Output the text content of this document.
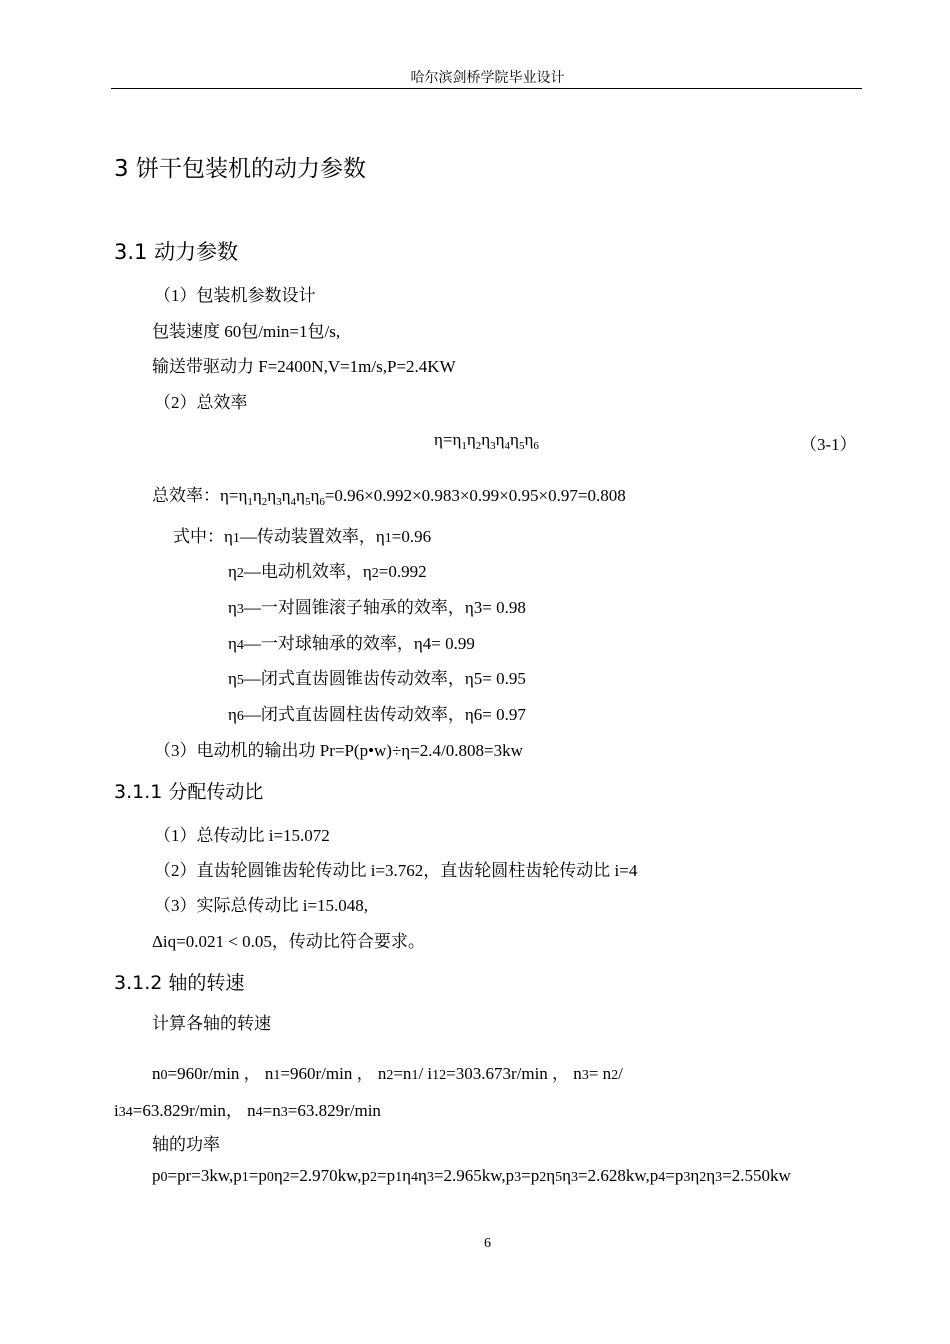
哈尔滨剑桥学院毕业设计
3 饼干包装机的动力参数
3.1 动力参数
（1）包装机参数设计
包装速度 60包/min=1包/s,
输送带驱动力 F=2400N,V=1m/s,P=2.4KW
（2）总效率
$\eta=\eta_1\eta_2\eta_3\eta_4\eta_5\eta_6$	（3-1）
总效率：$\eta=\eta_1\eta_2\eta_3\eta_4\eta_5\eta_6=0.96\times 0.992\times 0.983\times 0.99\times 0.95\times 0.97=0.808$
式中：η1—传动装置效率，η1=0.96
η2—电动机效率，η2=0.992
η3—一对圆锥滚子轴承的效率，η3= 0.98
η4—一对球轴承的效率，η4= 0.99
η5—闭式直齿圆锥齿传动效率，η5= 0.95
η6—闭式直齿圆柱齿传动效率，η6= 0.97
（3）电动机的输出功 Pr=P(p•w)÷η=2.4/0.808=3kw
3.1.1 分配传动比
（1）总传动比 i=15.072
（2）直齿轮圆锥齿轮传动比 i=3.762，直齿轮圆柱齿轮传动比 i=4
（3）实际总传动比 i=15.048,
Δiq=0.021 < 0.05，传动比符合要求。
3.1.2 轴的转速
计算各轴的转速
n0=960r/min ， n1=960r/min ， n2=n1/ i12=303.673r/min ， n3= n2/
i34=63.829r/min， n4=n3=63.829r/min
轴的功率
p0=pr=3kw,p1=p0η2=2.970kw,p2=p1η4η3=2.965kw,p3=p2η5η3=2.628kw,p4=p3η2η3=2.550kw
6
